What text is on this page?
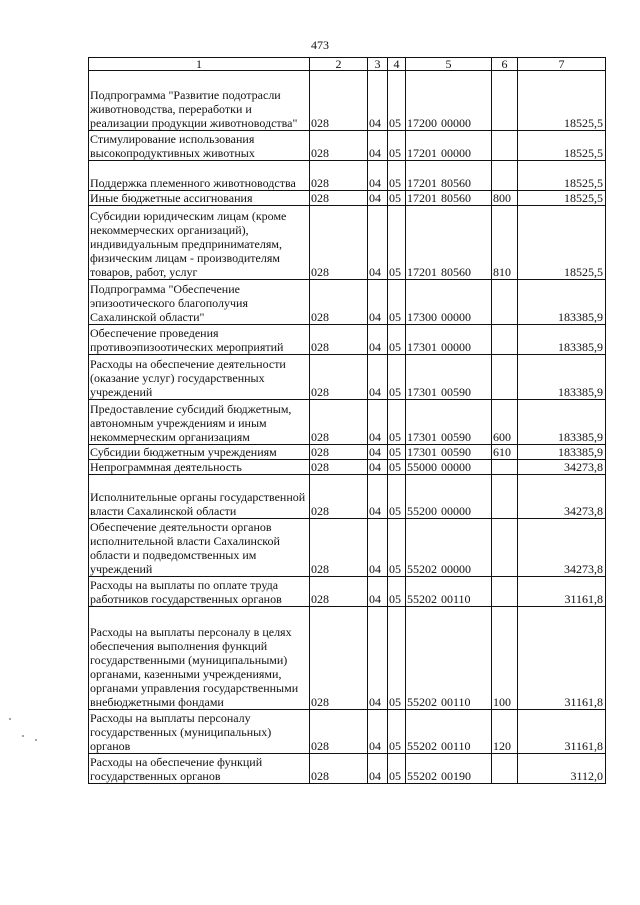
473
1	2	3	4	5	6	7
Подпрограмма "Развитие подотрасли животноводства, переработки и реализации продукции животноводства"	028	04	05	17200 00000		18525,5
Стимулирование использования высокопродуктивных животных	028	04	05	17201 00000		18525,5
Поддержка племенного животноводства	028	04	05	17201 80560		18525,5
Иные бюджетные ассигнования	028	04	05	17201 80560	800	18525,5
Субсидии юридическим лицам (кроме некоммерческих организаций), индивидуальным предпринимателям, физическим лицам - производителям товаров, работ, услуг	028	04	05	17201 80560	810	18525,5
Подпрограмма "Обеспечение эпизоотического благополучия Сахалинской области"	028	04	05	17300 00000		183385,9
Обеспечение проведения противоэпизоотических мероприятий	028	04	05	17301 00000		183385,9
Расходы на обеспечение деятельности (оказание услуг) государственных учреждений	028	04	05	17301 00590		183385,9
Предоставление субсидий бюджетным, автономным учреждениям и иным некоммерческим организациям	028	04	05	17301 00590	600	183385,9
Субсидии бюджетным учреждениям	028	04	05	17301 00590	610	183385,9
Непрограммная деятельность	028	04	05	55000 00000		34273,8
Исполнительные органы государственной власти Сахалинской области	028	04	05	55200 00000		34273,8
Обеспечение деятельности органов исполнительной власти Сахалинской области и подведомственных им учреждений	028	04	05	55202 00000		34273,8
Расходы на выплаты по оплате труда работников государственных органов	028	04	05	55202 00110		31161,8
Расходы на выплаты персоналу в целях обеспечения выполнения функций государственными (муниципальными) органами, казенными учреждениями, органами управления государственными внебюджетными фондами	028	04	05	55202 00110	100	31161,8
Расходы на выплаты персоналу государственных (муниципальных) органов	028	04	05	55202 00110	120	31161,8
Расходы на обеспечение функций государственных органов	028	04	05	55202 00190		3112,0
